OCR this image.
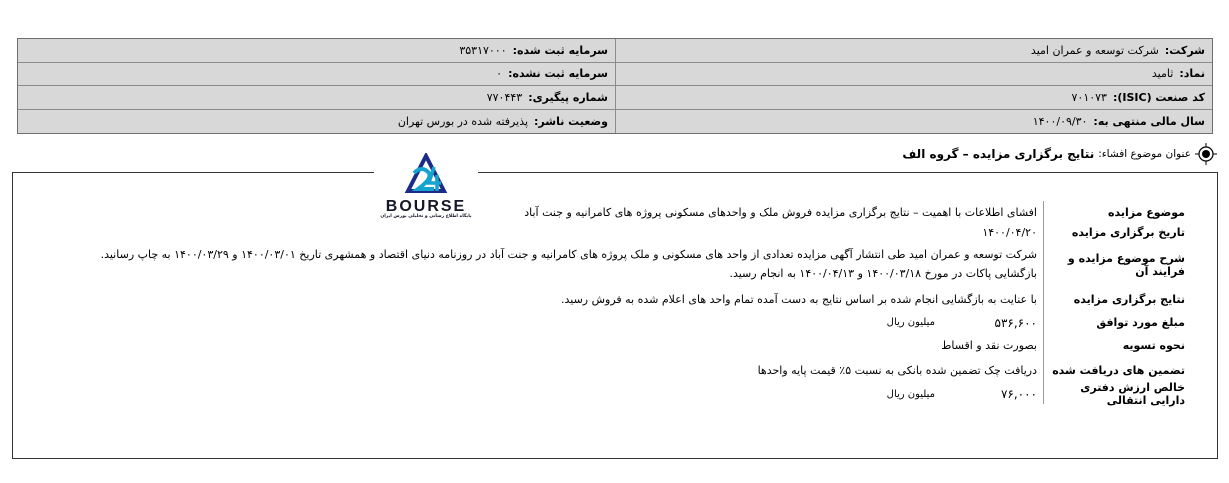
شرکت:
شرکت توسعه و عمران امید
سرمایه ثبت شده:
۳۵۳۱۷۰۰۰
نماد:
ثامید
سرمایه ثبت نشده:
۰
کد صنعت (ISIC):
۷۰۱۰۷۳
شماره پیگیری:
۷۷۰۴۴۳
سال مالی منتهی به:
۱۴۰۰/۰۹/۳۰
وضعیت ناشر:
پذیرفته شده در بورس تهران
عنوان موضوع افشاء:
نتایج برگزاری مزایده – گروه الف
BOURSE
پایگاه اطلاع رسانی و تحلیلی بورس ایران	موضوع مزایده
افشای اطلاعات با اهمیت – نتایج برگزاری مزایده فروش ملک و واحدهای مسکونی پروژه های کامرانیه و جنت آباد
تاریخ برگزاری مزایده
۱۴۰۰/۰۴/۲۰
شرح موضوع مزایده و فرایند آن
شرکت توسعه و عمران امید طی انتشار آگهی مزایده تعدادی از واحد های مسکونی و ملک پروژه های کامرانیه و جنت آباد در روزنامه دنیای اقتصاد و همشهری تاریخ ۱۴۰۰/۰۳/۰۱ و ۱۴۰۰/۰۳/۲۹ به چاپ رسانید. بازگشایی پاکات در مورخ ۱۴۰۰/۰۳/۱۸ و ۱۴۰۰/۰۴/۱۳ به انجام رسید.
نتایج برگزاری مزایده
با عنایت به بازگشایی انجام شده بر اساس نتایج به دست آمده تمام واحد های اعلام شده به فروش رسید.
مبلغ مورد توافق
۵۳۶,۶۰۰
میلیون ریال
نحوه تسویه
بصورت نقد و اقساط
تضمین های دریافت شده
دریافت چک تضمین شده بانکی به نسبت ۵٪ قیمت پایه واحدها
خالص ارزش دفتری دارایی انتقالی
۷۶,۰۰۰
میلیون ریال
